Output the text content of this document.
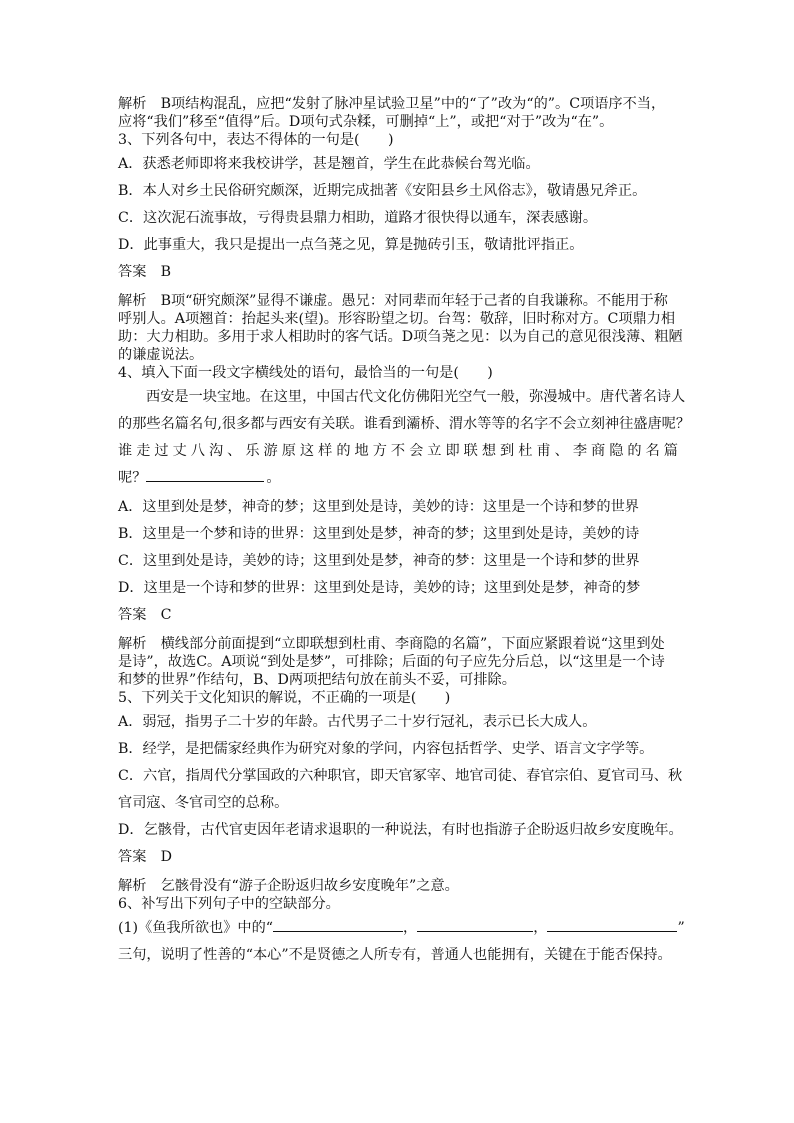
解析　B项结构混乱，应把“发射了脉冲星试验卫星”中的“了”改为“的”。C项语序不当，
应将“我们”移至“值得”后。D项句式杂糅，可删掉“上”，或把“对于”改为“在”。
3、下列各句中，表达不得体的一句是(　　)
A．获悉老师即将来我校讲学，甚是翘首，学生在此恭候台驾光临。
B．本人对乡土民俗研究颇深，近期完成拙著《安阳县乡土风俗志》，敬请愚兄斧正。
C．这次泥石流事故，亏得贵县鼎力相助，道路才很快得以通车，深表感谢。
D．此事重大，我只是提出一点刍荛之见，算是抛砖引玉，敬请批评指正。
答案　B
解析　B项“研究颇深”显得不谦虚。愚兄：对同辈而年轻于己者的自我谦称。不能用于称
呼别人。A项翘首：抬起头来(望)。形容盼望之切。台驾：敬辞，旧时称对方。C项鼎力相
助：大力相助。多用于求人相助时的客气话。D项刍荛之见：以为自己的意见很浅薄、粗陋
的谦虚说法。
4、填入下面一段文字横线处的语句，最恰当的一句是(　　)
西安是一块宝地。在这里，中国古代文化仿佛阳光空气一般，弥漫城中。唐代著名诗人
的那些名篇名句,很多都与西安有关联。谁看到灞桥、渭水等等的名字不会立刻神往盛唐呢？
谁走过丈八沟、乐游原这样的地方不会立即联想到杜甫、李商隐的名篇
呢？	。
A．这里到处是梦，神奇的梦；这里到处是诗，美妙的诗：这里是一个诗和梦的世界
B．这里是一个梦和诗的世界：这里到处是梦，神奇的梦；这里到处是诗，美妙的诗
C．这里到处是诗，美妙的诗；这里到处是梦，神奇的梦：这里是一个诗和梦的世界
D．这里是一个诗和梦的世界：这里到处是诗，美妙的诗；这里到处是梦，神奇的梦
答案　C
解析　横线部分前面提到“立即联想到杜甫、李商隐的名篇”，下面应紧跟着说“这里到处
是诗”，故选C。A项说“到处是梦”，可排除；后面的句子应先分后总，以“这里是一个诗
和梦的世界”作结句，B、D两项把结句放在前头不妥，可排除。
5、下列关于文化知识的解说，不正确的一项是(　　)
A．弱冠，指男子二十岁的年龄。古代男子二十岁行冠礼，表示已长大成人。
B．经学，是把儒家经典作为研究对象的学问，内容包括哲学、史学、语言文字学等。
C．六官，指周代分掌国政的六种职官，即天官冢宰、地官司徒、春官宗伯、夏官司马、秋
官司寇、冬官司空的总称。
D．乞骸骨，古代官吏因年老请求退职的一种说法，有时也指游子企盼返归故乡安度晚年。
答案　D
解析　乞骸骨没有“游子企盼返归故乡安度晚年”之意。
6、补写出下列句子中的空缺部分。
(1)《鱼我所欲也》中的“	，	，	”
三句，说明了性善的“本心”不是贤德之人所专有，普通人也能拥有，关键在于能否保持。
